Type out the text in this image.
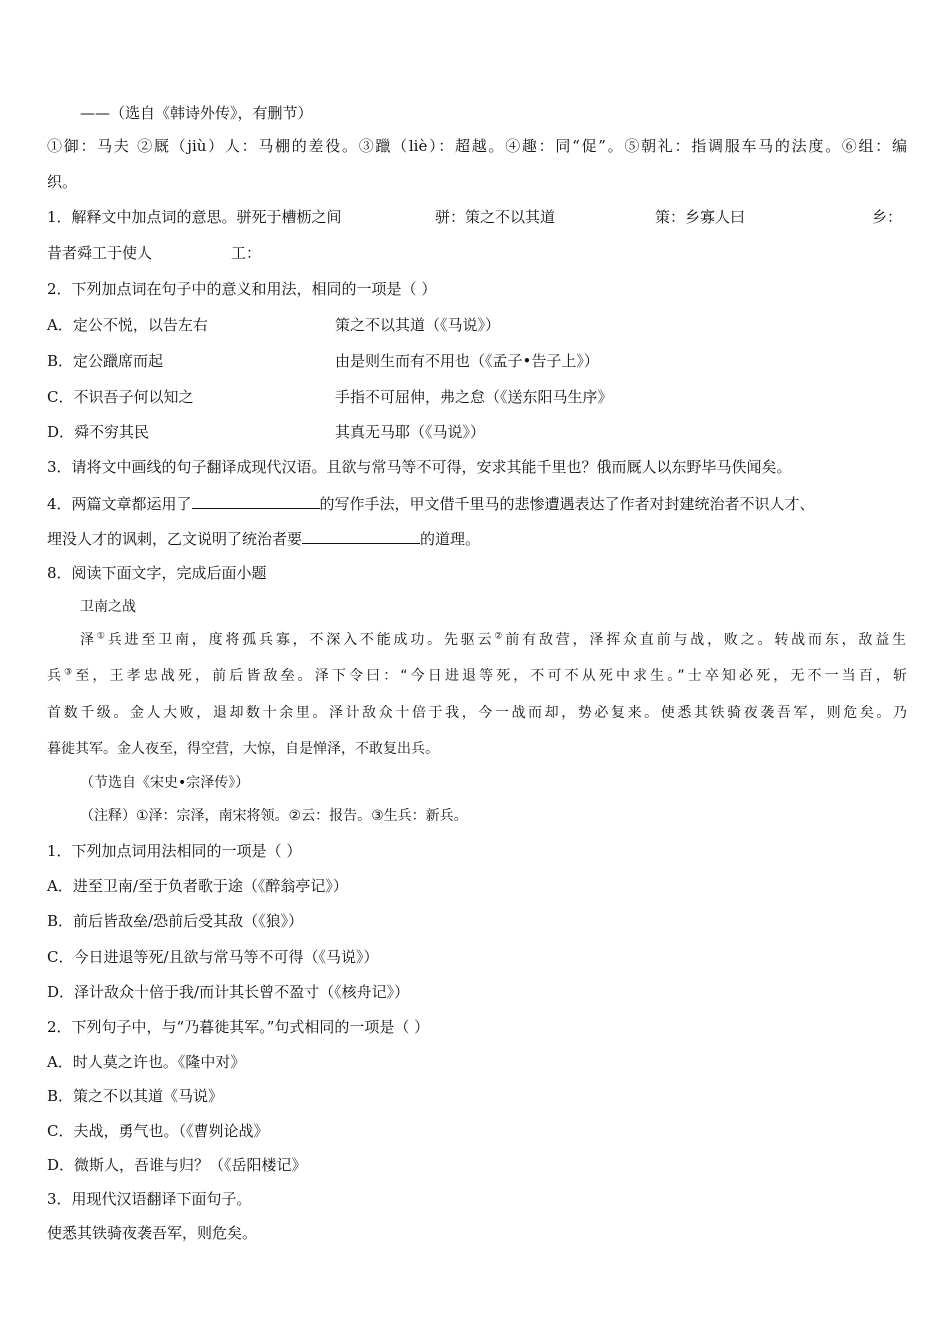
——（选自《韩诗外传》，有删节）
①御：马夫 ②厩（jiù）人：马棚的差役。③躐（liè）：超越。④趣：同“促”。⑤朝礼：指调服车马的法度。⑥组：编
织。
1．解释文中加点词的意思。骈死于槽枥之间	骈：策之不以其道	策：乡寡人曰	乡：
昔者舜工于使人	工：
2．下列加点词在句子中的意义和用法，相同的一项是（ ）
A．定公不悦，以告左右	策之不以其道（《马说》）
B．定公躐席而起	由是则生而有不用也（《孟子•告子上》）
C．不识吾子何以知之	手指不可屈伸，弗之怠（《送东阳马生序》
D．舜不穷其民	其真无马耶（《马说》）
3．请将文中画线的句子翻译成现代汉语。且欲与常马等不可得，安求其能千里也？俄而厩人以东野毕马佚闻矣。
4．两篇文章都运用了	的写作手法，甲文借千里马的悲惨遭遇表达了作者对封建统治者不识人才、
埋没人才的讽刺，乙文说明了统治者要	的道理。
8．阅读下面文字，完成后面小题
卫南之战
泽①兵进至卫南，度将孤兵寡，不深入不能成功。先驱云②前有敌营，泽挥众直前与战，败之。转战而东，敌益生
兵③至，王孝忠战死，前后皆敌垒。泽下令曰：“今日进退等死，不可不从死中求生。”士卒知必死，无不一当百，斩
首数千级。金人大败，退却数十余里。泽计敌众十倍于我，今一战而却，势必复来。使悉其铁骑夜袭吾军，则危矣。乃
暮徙其军。金人夜至，得空营，大惊，自是惮泽，不敢复出兵。
（节选自《宋史•宗泽传》）
（注释）①泽：宗泽，南宋将领。②云：报告。③生兵：新兵。
1．下列加点词用法相同的一项是（ ）
A．进至卫南/至于负者歌于途（《醉翁亭记》）
B．前后皆敌垒/恐前后受其敌（《狼》）
C．今日进退等死/且欲与常马等不可得（《马说》）
D．泽计敌众十倍于我/而计其长曾不盈寸（《核舟记》）
2．下列句子中，与“乃暮徙其军。”句式相同的一项是（ ）
A．时人莫之许也。《隆中对》
B．策之不以其道《马说》
C．夫战，勇气也。（《曹刿论战》
D．微斯人，吾谁与归？（《岳阳楼记》
3．用现代汉语翻译下面句子。
使悉其铁骑夜袭吾军，则危矣。
